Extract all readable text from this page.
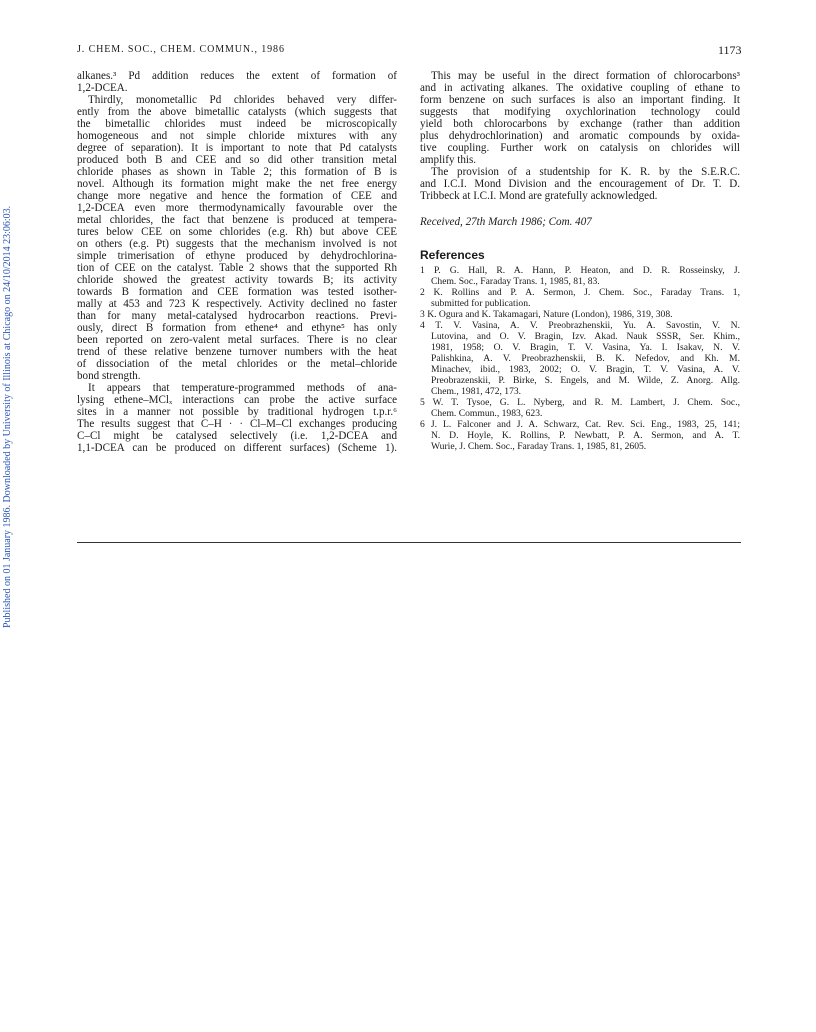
Published on 01 January 1986. Downloaded by University of Illinois at Chicago on 24/10/2014 23:06:03.
J. CHEM. SOC., CHEM. COMMUN., 1986	1173
alkanes.³ Pd addition reduces the extent of formation of
1,2-DCEA.
Thirdly, monometallic Pd chlorides behaved very differ-
ently from the above bimetallic catalysts (which suggests that
the bimetallic chlorides must indeed be microscopically
homogeneous and not simple chloride mixtures with any
degree of separation). It is important to note that Pd catalysts
produced both B and CEE and so did other transition metal
chloride phases as shown in Table 2; this formation of B is
novel. Although its formation might make the net free energy
change more negative and hence the formation of CEE and
1,2-DCEA even more thermodynamically favourable over the
metal chlorides, the fact that benzene is produced at tempera-
tures below CEE on some chlorides (e.g. Rh) but above CEE
on others (e.g. Pt) suggests that the mechanism involved is not
simple trimerisation of ethyne produced by dehydrochlorina-
tion of CEE on the catalyst. Table 2 shows that the supported Rh
chloride showed the greatest activity towards B; its activity
towards B formation and CEE formation was tested isother-
mally at 453 and 723 K respectively. Activity declined no faster
than for many metal-catalysed hydrocarbon reactions. Previ-
ously, direct B formation from ethene⁴ and ethyne⁵ has only
been reported on zero-valent metal surfaces. There is no clear
trend of these relative benzene turnover numbers with the heat
of dissociation of the metal chlorides or the metal–chloride
bond strength.
It appears that temperature-programmed methods of ana-
lysing ethene–MClₓ interactions can probe the active surface
sites in a manner not possible by traditional hydrogen t.p.r.⁶
The results suggest that C–H · · Cl–M–Cl exchanges producing
C–Cl might be catalysed selectively (i.e. 1,2-DCEA and
1,1-DCEA can be produced on different surfaces) (Scheme 1).
This may be useful in the direct formation of chlorocarbons³
and in activating alkanes. The oxidative coupling of ethane to
form benzene on such surfaces is also an important finding. It
suggests that modifying oxychlorination technology could
yield both chlorocarbons by exchange (rather than addition
plus dehydrochlorination) and aromatic compounds by oxida-
tive coupling. Further work on catalysis on chlorides will
amplify this.
The provision of a studentship for K. R. by the S.E.R.C.
and I.C.I. Mond Division and the encouragement of Dr. T. D.
Tribbeck at I.C.I. Mond are gratefully acknowledged.
Received, 27th March 1986; Com. 407
References
1 P. G. Hall, R. A. Hann, P. Heaton, and D. R. Rosseinsky, J.
Chem. Soc., Faraday Trans. 1, 1985, 81, 83.
2 K. Rollins and P. A. Sermon, J. Chem. Soc., Faraday Trans. 1,
submitted for publication.
3 K. Ogura and K. Takamagari, Nature (London), 1986, 319, 308.
4 T. V. Vasina, A. V. Preobrazhenskii, Yu. A. Savostin, V. N.
Lutovina, and O. V. Bragin, Izv. Akad. Nauk SSSR, Ser. Khim.,
1981, 1958; O. V. Bragin, T. V. Vasina, Ya. I. Isakav, N. V.
Palishkina, A. V. Preobrazhenskii, B. K. Nefedov, and Kh. M.
Minachev, ibid., 1983, 2002; O. V. Bragin, T. V. Vasina, A. V.
Preobrazenskii, P. Birke, S. Engels, and M. Wilde, Z. Anorg. Allg.
Chem., 1981, 472, 173.
5 W. T. Tysoe, G. L. Nyberg, and R. M. Lambert, J. Chem. Soc.,
Chem. Commun., 1983, 623.
6 J. L. Falconer and J. A. Schwarz, Cat. Rev. Sci. Eng., 1983, 25, 141;
N. D. Hoyle, K. Rollins, P. Newbatt, P. A. Sermon, and A. T.
Wurie, J. Chem. Soc., Faraday Trans. 1, 1985, 81, 2605.
